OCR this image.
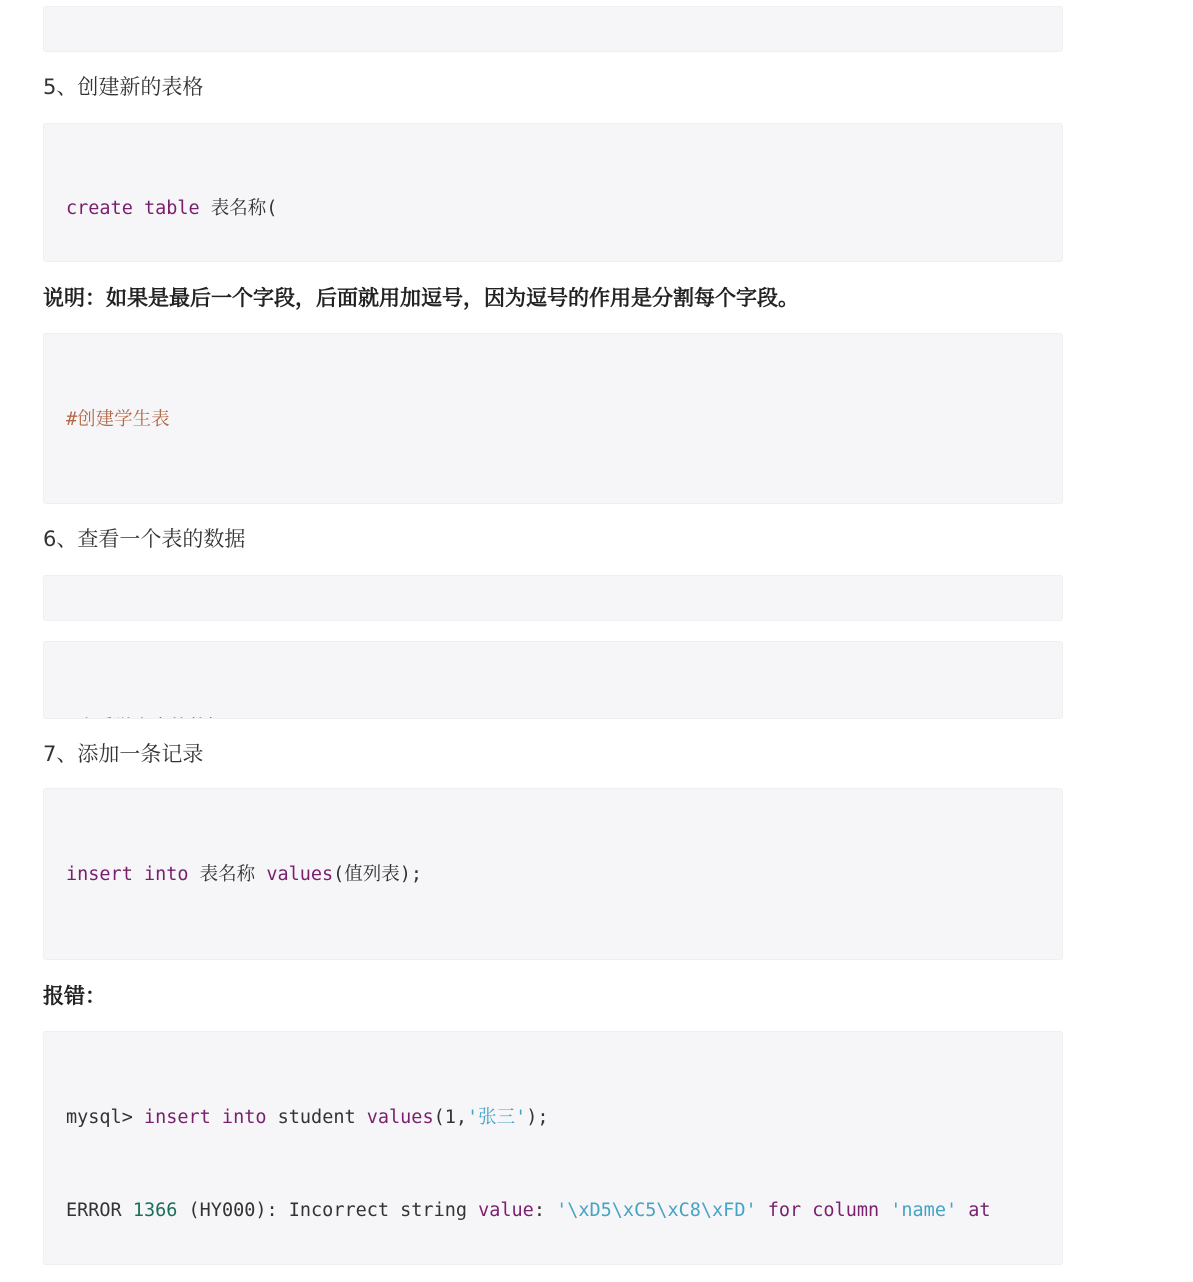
5、创建新的表格

create table 表名称(

说明：如果是最后一个字段，后面就用加逗号，因为逗号的作用是分割每个字段。

#创建学生表

6、查看一个表的数据

7、添加一条记录

insert into 表名称 values(值列表);

报错：

mysql> insert into student values(1,'张三');

ERROR 1366 (HY000): Incorrect string value: '\xD5\xC5\xC8\xFD' for column 'name' at
